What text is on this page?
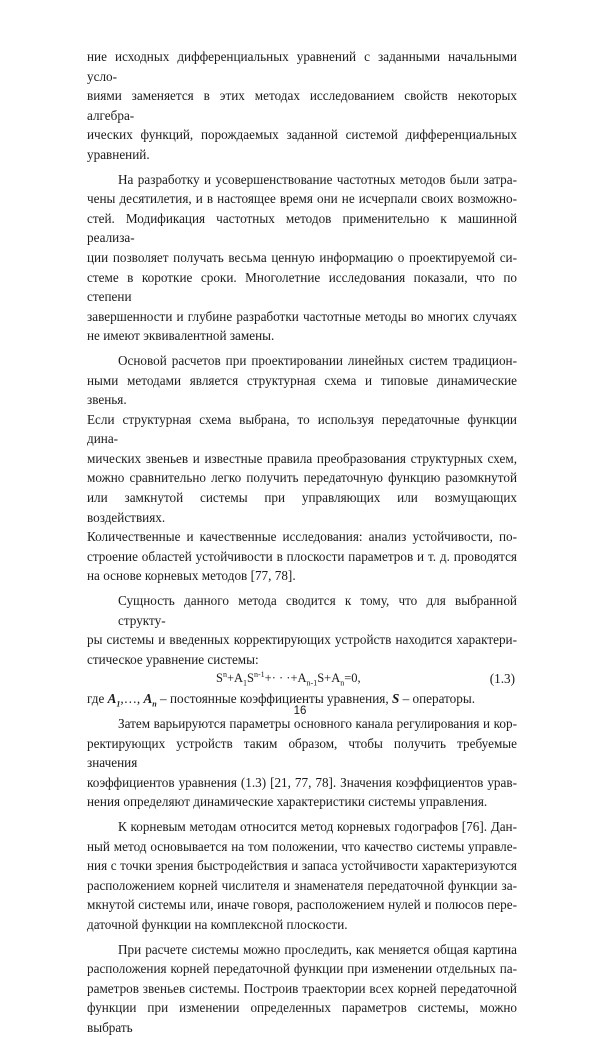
ние исходных дифференциальных уравнений с заданными начальными усло-
виями заменяется в этих методах исследованием свойств некоторых алгебра-
ических функций, порождаемых заданной системой дифференциальных
уравнений.
На разработку и усовершенствование частотных методов были затра-
чены десятилетия, и в настоящее время они не исчерпали своих возможно-
стей. Модификация частотных методов применительно к машинной реализа-
ции позволяет получать весьма ценную информацию о проектируемой си-
стеме в короткие сроки. Многолетние исследования показали, что по степени
завершенности и глубине разработки частотные методы во многих случаях
не имеют эквивалентной замены.
Основой расчетов при проектировании линейных систем традицион-
ными методами является структурная схема и типовые динамические звенья.
Если структурная схема выбрана, то используя передаточные функции дина-
мических звеньев и известные правила преобразования структурных схем,
можно сравнительно легко получить передаточную функцию разомкнутой
или замкнутой системы при управляющих или возмущающих воздействиях.
Количественные и качественные исследования: анализ устойчивости, по-
строение областей устойчивости в плоскости параметров и т. д. проводятся
на основе корневых методов [77, 78].
Сущность данного метода сводится к тому, что для выбранной структу-
ры системы и введенных корректирующих устройств находится характери-
стическое уравнение системы:
$S^n+A_1S^{n-1}+\cdot \cdot \cdot+A_{n-1}S+A_n=0$,	(1.3)
где $A_1,\dots$, $A_n$ – постоянные коэффициенты уравнения, S – операторы.
Затем варьируются параметры основного канала регулирования и кор-
ректирующих устройств таким образом, чтобы получить требуемые значения
коэффициентов уравнения (1.3) [21, 77, 78]. Значения коэффициентов урав-
нения определяют динамические характеристики системы управления.
К корневым методам относится метод корневых годографов [76]. Дан-
ный метод основывается на том положении, что качество системы управле-
ния с точки зрения быстродействия и запаса устойчивости характеризуются
расположением корней числителя и знаменателя передаточной функции за-
мкнутой системы или, иначе говоря, расположением нулей и полюсов пере-
даточной функции на комплексной плоскости.
При расчете системы можно проследить, как меняется общая картина
расположения корней передаточной функции при изменении отдельных па-
раметров звеньев системы. Построив траектории всех корней передаточной
функции при изменении определенных параметров системы, можно выбрать
16
